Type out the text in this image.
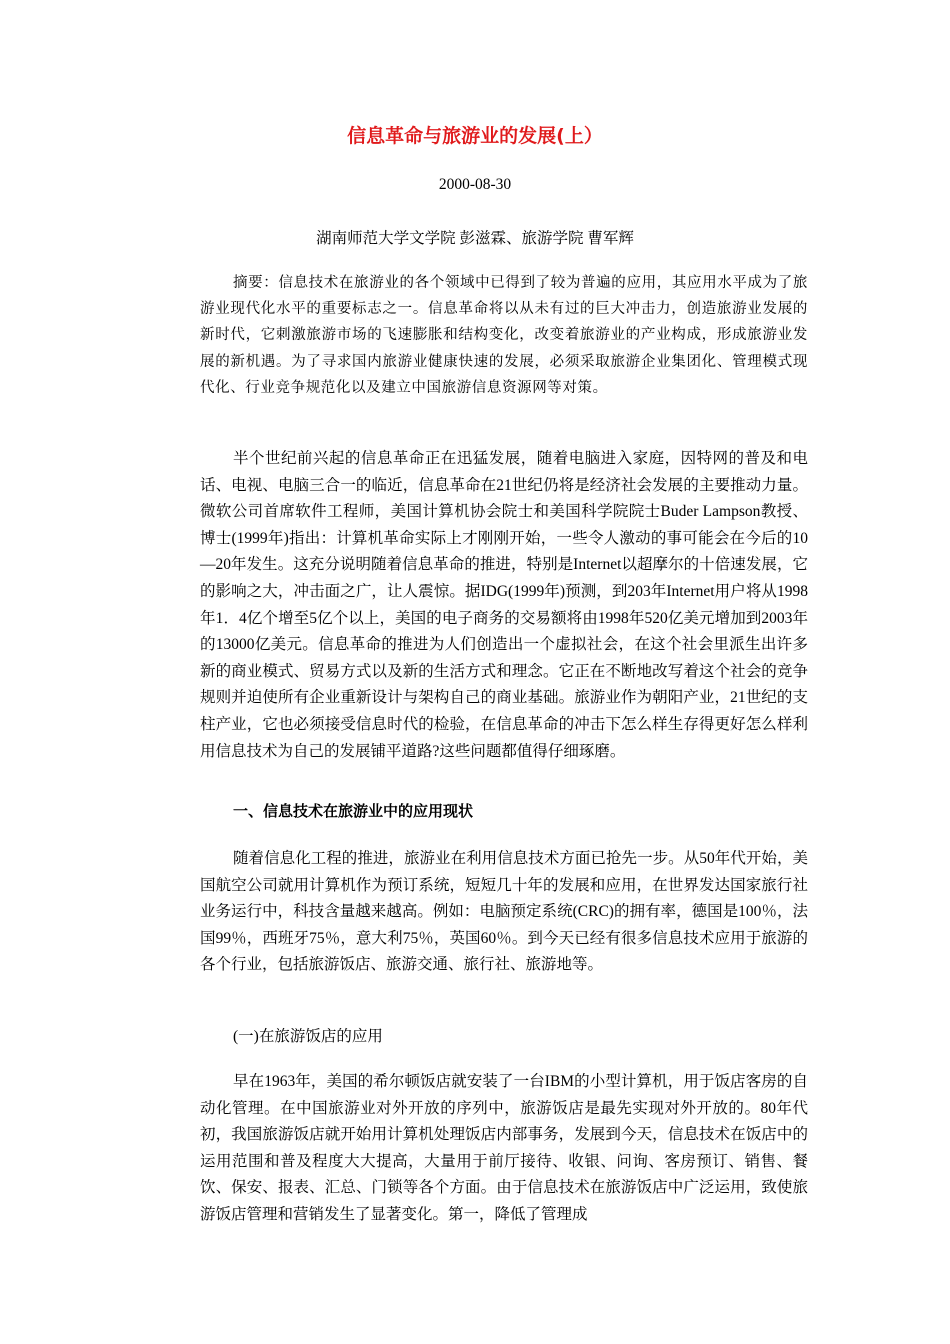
信息革命与旅游业的发展(上）
2000-08-30
湖南师范大学文学院 彭滋霖、旅游学院 曹军辉

摘要：信息技术在旅游业的各个领域中已得到了较为普遍的应用，其应用水平成为了旅游业现代化水平的重要标志之一。信息革命将以从未有过的巨大冲击力，创造旅游业发展的新时代，它刺激旅游市场的飞速膨胀和结构变化，改变着旅游业的产业构成，形成旅游业发展的新机遇。为了寻求国内旅游业健康快速的发展，必须采取旅游企业集团化、管理模式现代化、行业竞争规范化以及建立中国旅游信息资源网等对策。

半个世纪前兴起的信息革命正在迅猛发展，随着电脑进入家庭，因特网的普及和电话、电视、电脑三合一的临近，信息革命在21世纪仍将是经济社会发展的主要推动力量。微软公司首席软件工程师，美国计算机协会院士和美国科学院院士Buder Lampson教授、博士(1999年)指出：计算机革命实际上才刚刚开始，一些令人激动的事可能会在今后的10—20年发生。这充分说明随着信息革命的推进，特别是Internet以超摩尔的十倍速发展，它的影响之大，冲击面之广，让人震惊。据IDG(1999年)预测，到203年Internet用户将从1998年1．4亿个增至5亿个以上，美国的电子商务的交易额将由1998年520亿美元增加到2003年的13000亿美元。信息革命的推进为人们创造出一个虚拟社会，在这个社会里派生出许多新的商业模式、贸易方式以及新的生活方式和理念。它正在不断地改写着这个社会的竞争规则并迫使所有企业重新设计与架构自己的商业基础。旅游业作为朝阳产业，21世纪的支柱产业，它也必须接受信息时代的检验，在信息革命的冲击下怎么样生存得更好怎么样利用信息技术为自己的发展铺平道路?这些问题都值得仔细琢磨。

一、信息技术在旅游业中的应用现状

随着信息化工程的推进，旅游业在利用信息技术方面已抢先一步。从50年代开始，美国航空公司就用计算机作为预订系统，短短几十年的发展和应用，在世界发达国家旅行社业务运行中，科技含量越来越高。例如：电脑预定系统(CRC)的拥有率，德国是100％，法国99％，西班牙75％，意大利75％，英国60％。到今天已经有很多信息技术应用于旅游的各个行业，包括旅游饭店、旅游交通、旅行社、旅游地等。

(一)在旅游饭店的应用

早在1963年，美国的希尔顿饭店就安装了一台IBM的小型计算机，用于饭店客房的自动化管理。在中国旅游业对外开放的序列中，旅游饭店是最先实现对外开放的。80年代初，我国旅游饭店就开始用计算机处理饭店内部事务，发展到今天，信息技术在饭店中的运用范围和普及程度大大提高，大量用于前厅接待、收银、问询、客房预订、销售、餐饮、保安、报表、汇总、门锁等各个方面。由于信息技术在旅游饭店中广泛运用，致使旅游饭店管理和营销发生了显著变化。第一，降低了管理成
